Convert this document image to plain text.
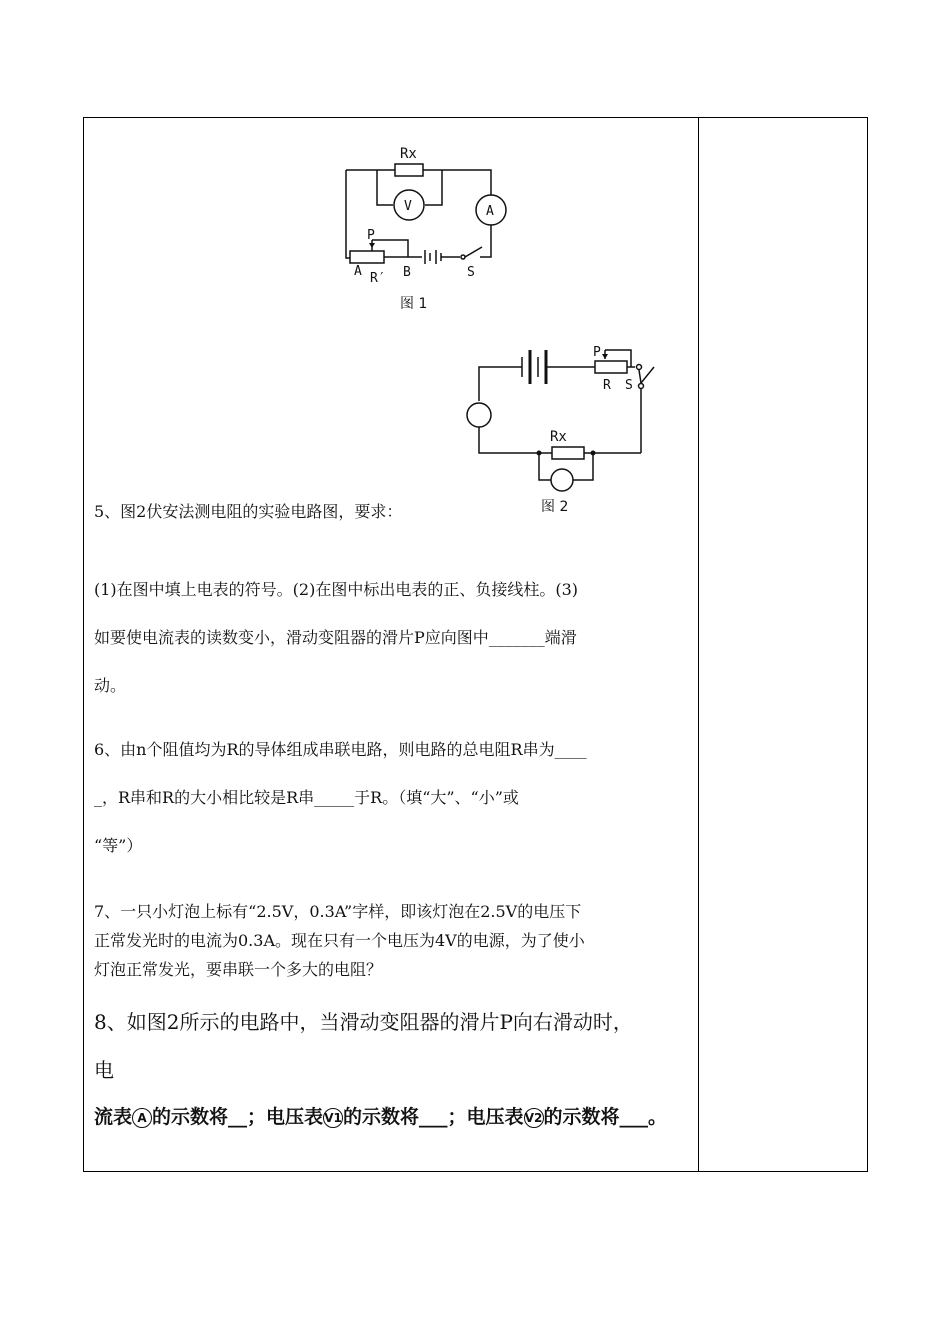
Rx
V	A
P
A R′ B	S
图 1
P
R S
Rx
图 2
5、图2伏安法测电阻的实验电路图，要求：
(1)在图中填上电表的符号。(2)在图中标出电表的正、负接线柱。(3)
如要使电流表的读数变小，滑动变阻器的滑片P应向图中_______端滑
动。
6、由n个阻值均为R的导体组成串联电路，则电路的总电阻R串为____
_，R串和R的大小相比较是R串_____于R。（填“大”、“小”或
“等”）
7、一只小灯泡上标有“2.5V，0.3A”字样，即该灯泡在2.5V的电压下
正常发光时的电流为0.3A。现在只有一个电压为4V的电源，为了使小
灯泡正常发光，要串联一个多大的电阻？
8、如图2所示的电路中，当滑动变阻器的滑片P向右滑动时，
电
流表 A 的示数将__；电压表V1的示数将___；电压表V2的示数将___。
